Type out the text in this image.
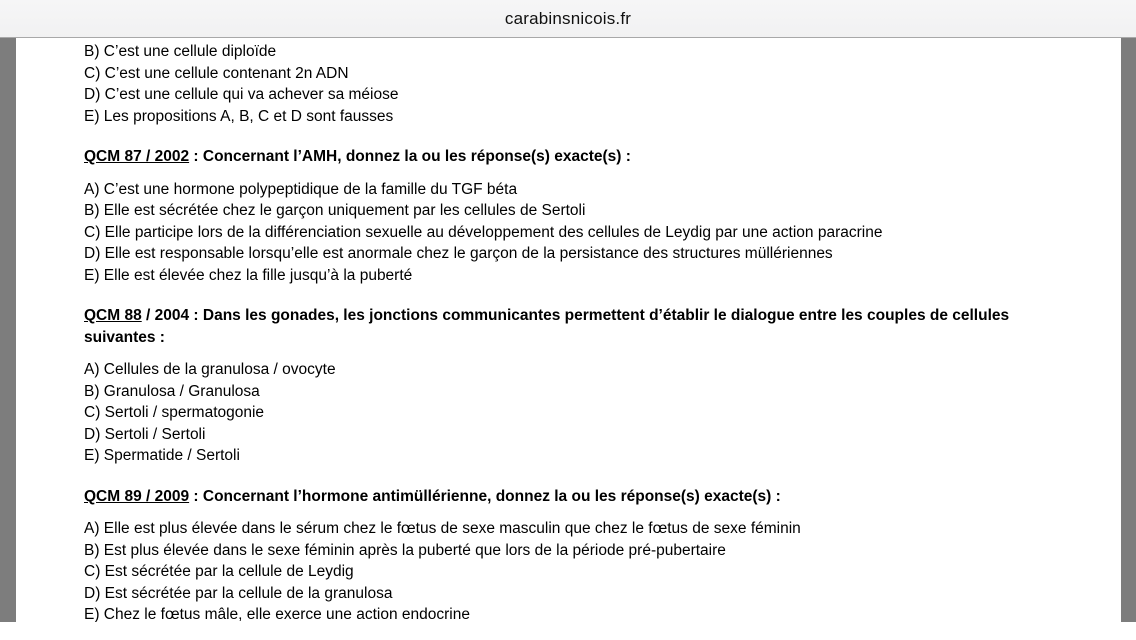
carabinsnicois.fr
B) C’est une cellule diploïde
C) C’est une cellule contenant 2n ADN
D) C’est une cellule qui va achever sa méiose
E) Les propositions A, B, C et D sont fausses
QCM 87 / 2002 : Concernant l’AMH, donnez la ou les réponse(s) exacte(s) :
A) C’est une hormone polypeptidique de la famille du TGF béta
B) Elle est sécrétée chez le garçon uniquement par les cellules de Sertoli
C) Elle participe lors de la différenciation sexuelle au développement des cellules de Leydig par une action paracrine
D) Elle est responsable lorsqu’elle est anormale chez le garçon de la persistance des structures müllériennes
E) Elle est élevée chez la fille jusqu’à la puberté
QCM 88 / 2004 : Dans les gonades, les jonctions communicantes permettent d’établir le dialogue entre les couples de cellules suivantes :
A) Cellules de la granulosa / ovocyte
B) Granulosa / Granulosa
C) Sertoli / spermatogonie
D) Sertoli / Sertoli
E) Spermatide / Sertoli
QCM 89 / 2009 : Concernant l’hormone antimüllérienne, donnez la ou les réponse(s) exacte(s) :
A) Elle est plus élevée dans le sérum chez le fœtus de sexe masculin que chez le fœtus de sexe féminin
B) Est plus élevée dans le sexe féminin après la puberté que lors de la période pré-pubertaire
C) Est sécrétée par la cellule de Leydig
D) Est sécrétée par la cellule de la granulosa
E) Chez le fœtus mâle, elle exerce une action endocrine
